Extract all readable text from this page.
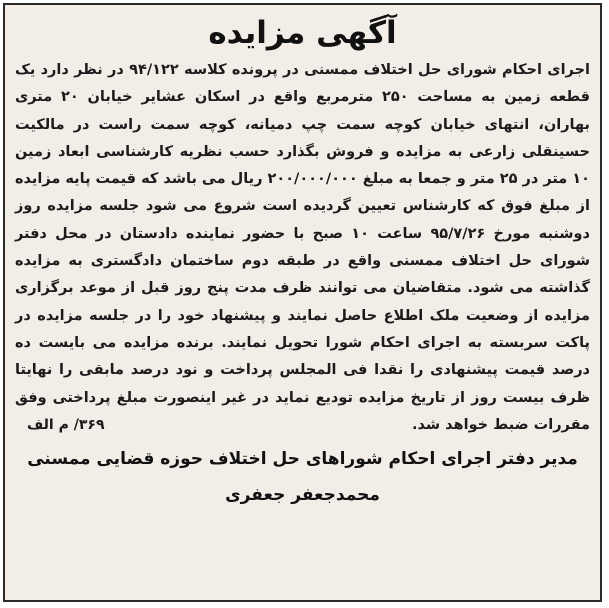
آگهی مزایده
اجرای احکام شورای حل اختلاف ممسنی در پرونده کلاسه ۹۴/۱۲۲ در نظر دارد یک قطعه زمین به مساحت ۲۵۰ مترمربع واقع در اسکان عشایر خیابان ۲۰ متری بهاران، انتهای خیابان کوچه سمت چپ دمیانه، کوچه سمت راست در مالکیت حسینقلی زارعی به مزایده و فروش بگذارد حسب نظریه کارشناسی ابعاد زمین ۱۰ متر در ۲۵ متر و جمعا به مبلغ ۲۰۰/۰۰۰/۰۰۰ ریال می باشد که قیمت پایه مزایده از مبلغ فوق که کارشناس تعیین گردیده است شروع می شود جلسه مزایده روز دوشنبه مورخ ۹۵/۷/۲۶ ساعت ۱۰ صبح با حضور نماینده دادستان در محل دفتر شورای حل اختلاف ممسنی واقع در طبقه دوم ساختمان دادگستری به مزایده گذاشته می شود. متقاضیان می توانند ظرف مدت پنج روز قبل از موعد برگزاری مزایده از وضعیت ملک اطلاع حاصل نمایند و پیشنهاد خود را در جلسه مزایده در پاکت سربسته به اجرای احکام شورا تحویل نمایند. برنده مزایده می بایست ده درصد قیمت پیشنهادی را نقدا فی المجلس پرداخت و نود درصد مابقی را نهایتا ظرف بیست روز از تاریخ مزایده تودیع نماید در غیر اینصورت مبلغ پرداختی وفق مقررات ضبط خواهد شد.
۳۶۹/ م الف
مدیر دفتر اجرای احکام شوراهای حل اختلاف حوزه قضایی ممسنی
محمدجعفر جعفری
